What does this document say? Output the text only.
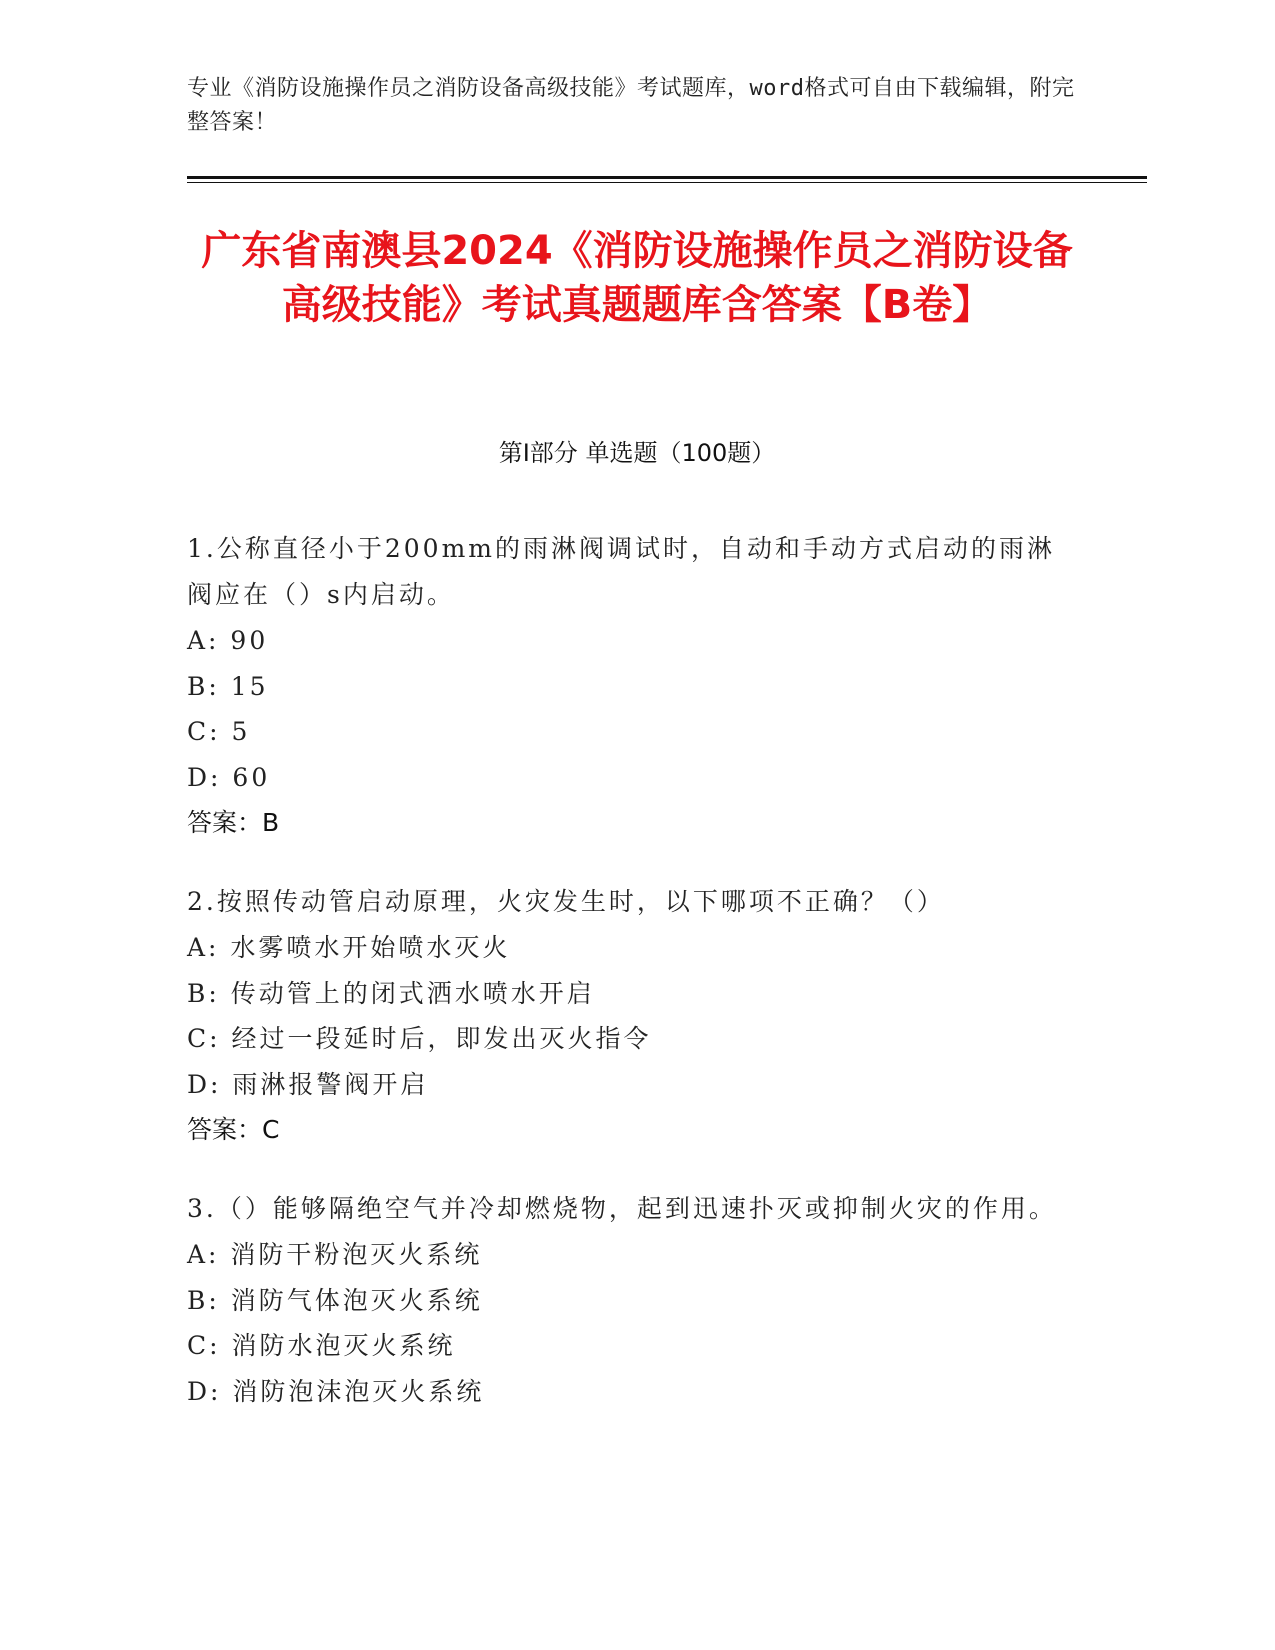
专业《消防设施操作员之消防设备高级技能》考试题库，word格式可自由下载编辑，附完整答案！
广东省南澳县2024《消防设施操作员之消防设备高级技能》考试真题题库含答案【B卷】
第I部分 单选题（100题）
1.公称直径小于200mm的雨淋阀调试时，自动和手动方式启动的雨淋阀应在（）s内启动。
A: 90
B: 15
C: 5
D: 60
答案：B
2.按照传动管启动原理，火灾发生时，以下哪项不正确？（）
A: 水雾喷水开始喷水灭火
B: 传动管上的闭式洒水喷水开启
C: 经过一段延时后，即发出灭火指令
D: 雨淋报警阀开启
答案：C
3.（）能够隔绝空气并冷却燃烧物，起到迅速扑灭或抑制火灾的作用。
A: 消防干粉泡灭火系统
B: 消防气体泡灭火系统
C: 消防水泡灭火系统
D: 消防泡沫泡灭火系统
